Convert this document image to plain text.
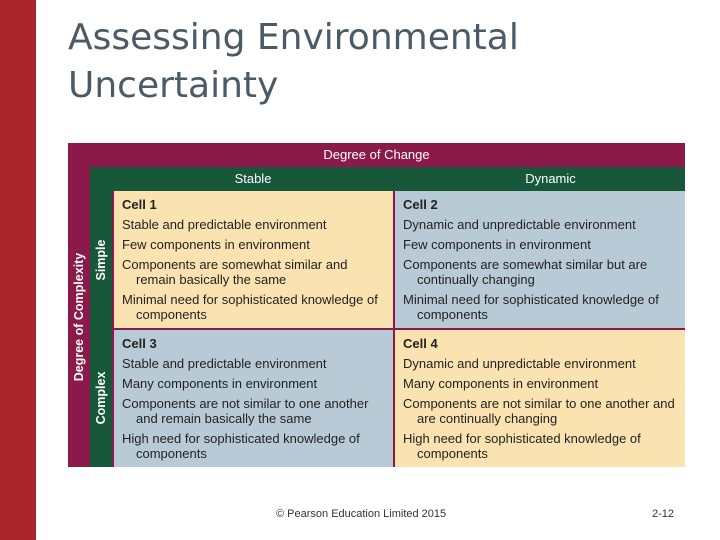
Assessing Environmental Uncertainty
Degree of Change
Degree of Complexity
Stable	Dynamic
Simple
Complex
Cell 1
Stable and predictable environment
Few components in environment
Components are somewhat similar and remain basically the same
Minimal need for sophisticated knowledge of components
Cell 2
Dynamic and unpredictable environment
Few components in environment
Components are somewhat similar but are continually changing
Minimal need for sophisticated knowledge of components
Cell 3
Stable and predictable environment
Many components in environment
Components are not similar to one another and remain basically the same
High need for sophisticated knowledge of components
Cell 4
Dynamic and unpredictable environment
Many components in environment
Components are not similar to one another and are continually changing
High need for sophisticated knowledge of components
© Pearson Education Limited 2015	2-12
